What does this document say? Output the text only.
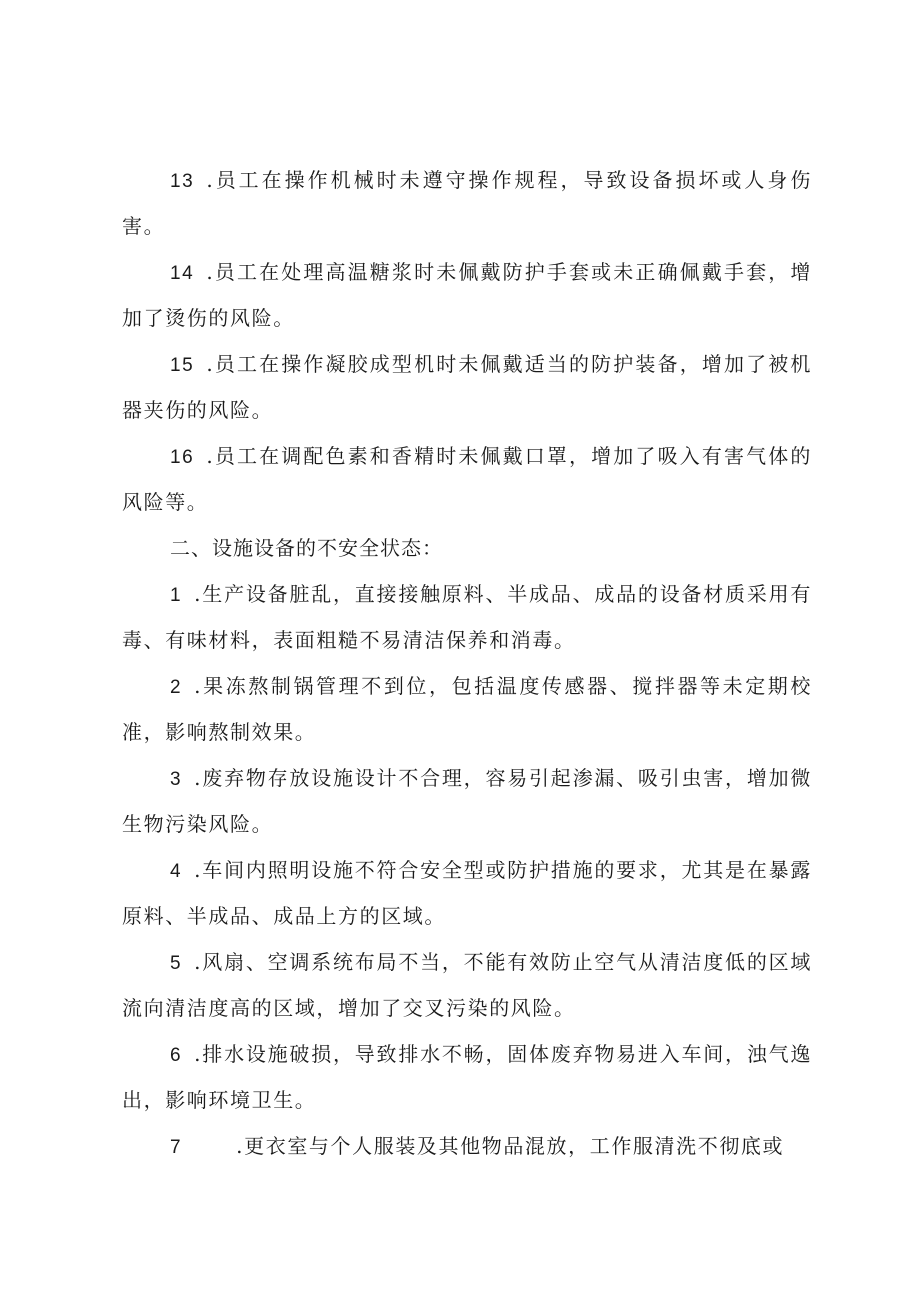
13 .员工在操作机械时未遵守操作规程，导致设备损坏或人身伤害。

14 .员工在处理高温糖浆时未佩戴防护手套或未正确佩戴手套，增加了烫伤的风险。

15 .员工在操作凝胶成型机时未佩戴适当的防护装备，增加了被机器夹伤的风险。

16 .员工在调配色素和香精时未佩戴口罩，增加了吸入有害气体的风险等。

二、设施设备的不安全状态：

1 .生产设备脏乱，直接接触原料、半成品、成品的设备材质采用有毒、有味材料，表面粗糙不易清洁保养和消毒。

2 .果冻熬制锅管理不到位，包括温度传感器、搅拌器等未定期校准，影响熬制效果。

3 .废弃物存放设施设计不合理，容易引起渗漏、吸引虫害，增加微生物污染风险。

4 .车间内照明设施不符合安全型或防护措施的要求，尤其是在暴露原料、半成品、成品上方的区域。

5 .风扇、空调系统布局不当，不能有效防止空气从清洁度低的区域流向清洁度高的区域，增加了交叉污染的风险。

6 .排水设施破损，导致排水不畅，固体废弃物易进入车间，浊气逸出，影响环境卫生。

7	.更衣室与个人服装及其他物品混放，工作服清洗不彻底或
